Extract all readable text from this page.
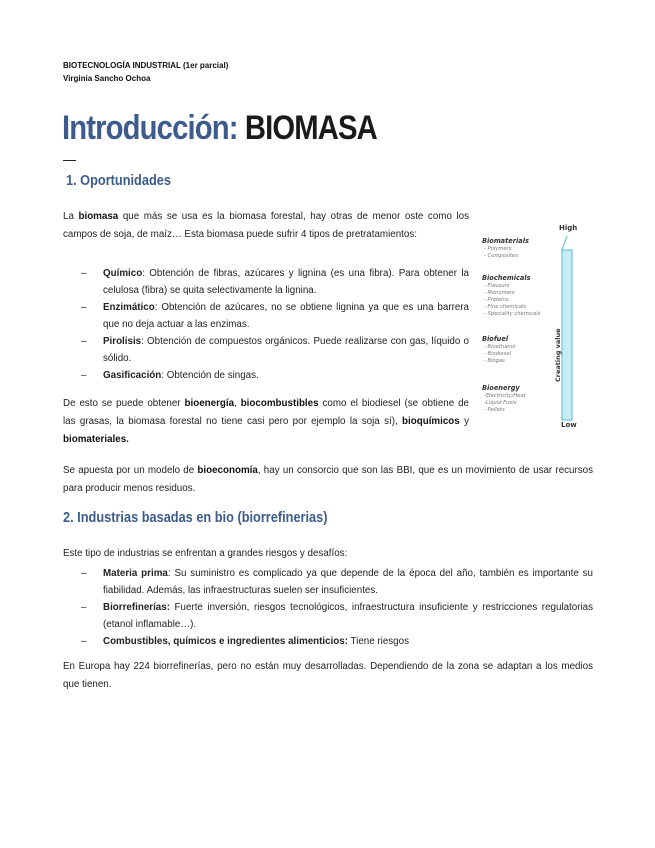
BIOTECNOLOGÍA INDUSTRIAL (1er parcial)
Virginia Sancho Ochoa
Introducción: BIOMASA
1. Oportunidades
La biomasa que más se usa es la biomasa forestal, hay otras de menor oste como los campos de soja, de maíz… Esta biomasa puede sufrir 4 tipos de pretratamientos:
– Químico: Obtención de fibras, azúcares y lignina (es una fibra). Para obtener la celulosa (fibra) se quita selectivamente la lignina.
– Enzimático: Obtención de azúcares, no se obtiene lignina ya que es una barrera que no deja actuar a las enzimas.
– Pirolisis: Obtención de compuestos orgánicos. Puede realizarse con gas, líquido o sólido.
– Gasificación: Obtención de singas.
De esto se puede obtener bioenergía, biocombustibles como el biodiesel (se obtiene de las grasas, la biomasa forestal no tiene casi pero por ejemplo la soja sí), bioquímicos y biomateriales.
Se apuesta por un modelo de bioeconomía, hay un consorcio que son las BBI, que es un movimiento de usar recursos para producir menos residuos.
High
Low
Creating value
Biomaterials
- Polymers
- Composites
Biochemicals
- Flavours
- Monomers
- Proteins
- Fine chemicals
- Speciality chemicals
Biofuel
- Bioethanol
- Biodiesel
- Biogas
Bioenergy
-Electricity/Heat
-Liquid Fuels
- Pellets
2. Industrias basadas en bio (biorrefinerias)
Este tipo de industrias se enfrentan a grandes riesgos y desafíos:
– Materia prima: Su suministro es complicado ya que depende de la época del año, también es importante su fiabilidad. Además, las infraestructuras suelen ser insuficientes.
– Biorrefinerías: Fuerte inversión, riesgos tecnológicos, infraestructura insuficiente y restricciones regulatorias (etanol inflamable…).
– Combustibles, químicos e ingredientes alimenticios: Tiene riesgos
En Europa hay 224 biorrefinerías, pero no están muy desarrolladas. Dependiendo de la zona se adaptan a los medios que tienen.
